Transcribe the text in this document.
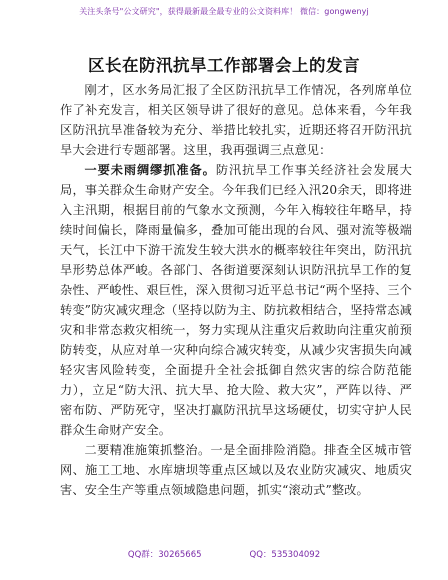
关注头条号"公文研究"，获得最新最全最专业的公文资料库！ 微信：gongwenyj
区长在防汛抗旱工作部署会上的发言

刚才，区水务局汇报了全区防汛抗旱工作情况，各列席单位作了补充发言，相关区领导讲了很好的意见。总体来看，今年我区防汛抗旱准备较为充分、举措比较扎实，近期还将召开防汛抗旱大会进行专题部署。这里，我再强调三点意见：

一要未雨绸缪抓准备。防汛抗旱工作事关经济社会发展大局，事关群众生命财产安全。今年我们已经入汛20余天，即将进入主汛期，根据目前的气象水文预测，今年入梅较往年略早，持续时间偏长，降雨量偏多，叠加可能出现的台风、强对流等极端天气，长江中下游干流发生较大洪水的概率较往年突出，防汛抗旱形势总体严峻。各部门、各街道要深刻认识防汛抗旱工作的复杂性、严峻性、艰巨性，深入贯彻习近平总书记“两个坚持、三个转变”防灾减灾理念（坚持以防为主、防抗救相结合，坚持常态减灾和非常态救灾相统一，努力实现从注重灾后救助向注重灾前预防转变，从应对单一灾种向综合减灾转变，从减少灾害损失向减轻灾害风险转变，全面提升全社会抵御自然灾害的综合防范能力），立足“防大汛、抗大旱、抢大险、救大灾”，严阵以待、严密布防、严防死守，坚决打赢防汛抗旱这场硬仗，切实守护人民群众生命财产安全。

二要精准施策抓整治。一是全面排险消隐。排查全区城市管网、施工工地、水库塘坝等重点区域以及农业防灾减灾、地质灾害、安全生产等重点领域隐患问题，抓实“滚动式”整改。

QQ群：30265665	QQ：535304092
